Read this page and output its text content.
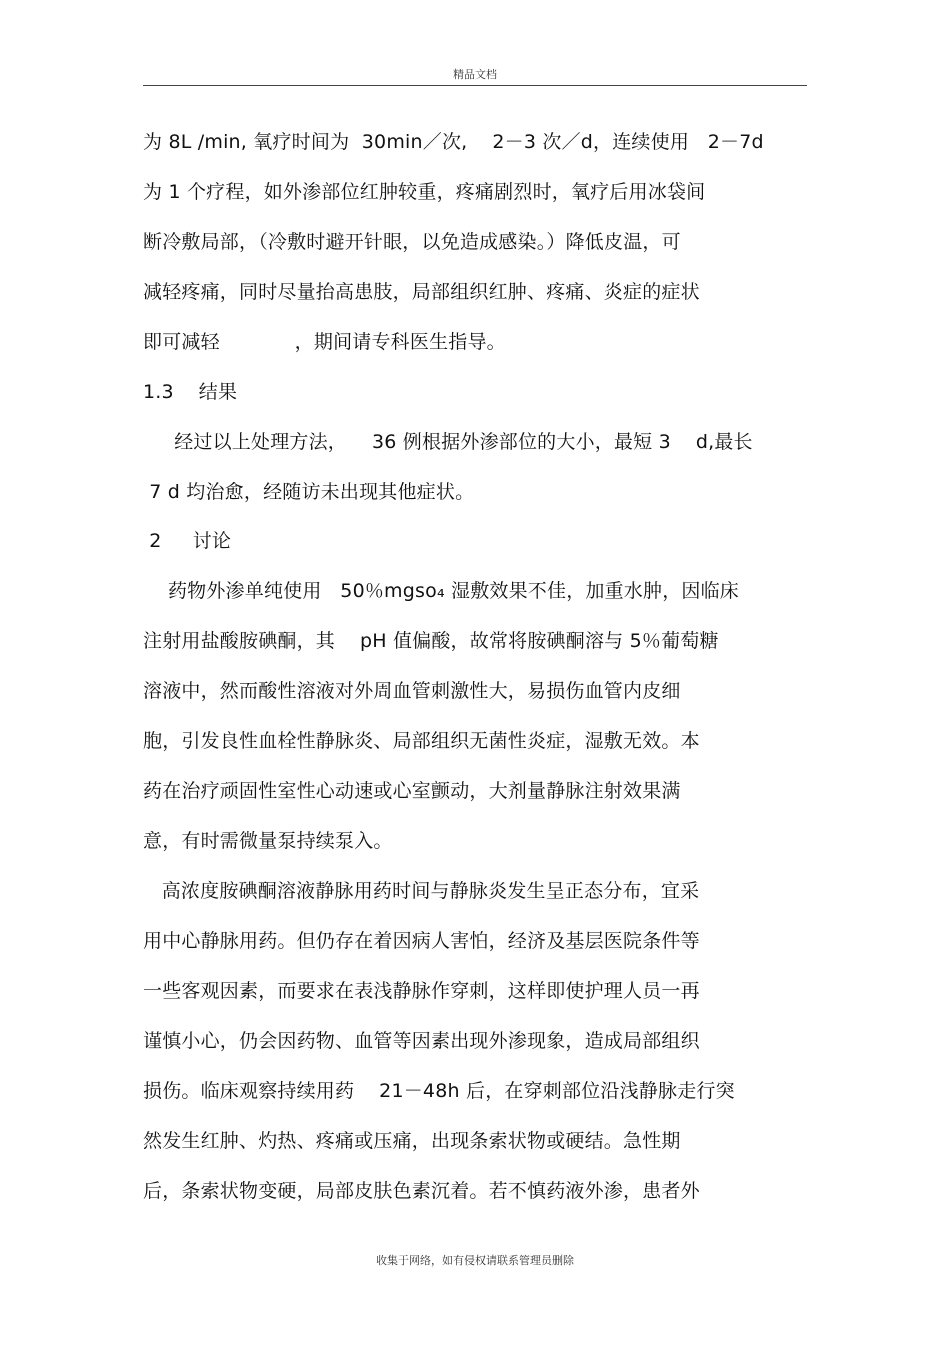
精品文档
为 8L /min, 氧疗时间为  30min／次,    2－3 次／d，连续使用   2－7d
为 1 个疗程，如外渗部位红肿较重，疼痛剧烈时，氧疗后用冰袋间
断冷敷局部，（冷敷时避开针眼，以免造成感染。）降低皮温，可
减轻疼痛，同时尽量抬高患肢，局部组织红肿、疼痛、炎症的症状
即可减轻            ，期间请专科医生指导。
1.3    结果
经过以上处理方法，    36 例根据外渗部位的大小，最短 3    d,最长
7 d 均治愈，经随访未出现其他症状。
2     讨论
药物外渗单纯使用   50％mgso₄ 湿敷效果不佳，加重水肿，因临床
注射用盐酸胺碘酮，其    pH 值偏酸，故常将胺碘酮溶与 5％葡萄糖
溶液中，然而酸性溶液对外周血管刺激性大，易损伤血管内皮细
胞，引发良性血栓性静脉炎、局部组织无菌性炎症，湿敷无效。本
药在治疗顽固性室性心动速或心室颤动，大剂量静脉注射效果满
意，有时需微量泵持续泵入。
高浓度胺碘酮溶液静脉用药时间与静脉炎发生呈正态分布，宜采
用中心静脉用药。但仍存在着因病人害怕，经济及基层医院条件等
一些客观因素，而要求在表浅静脉作穿刺，这样即使护理人员一再
谨慎小心，仍会因药物、血管等因素出现外渗现象，造成局部组织
损伤。临床观察持续用药    21－48h 后，在穿刺部位沿浅静脉走行突
然发生红肿、灼热、疼痛或压痛，出现条索状物或硬结。急性期
后，条索状物变硬，局部皮肤色素沉着。若不慎药液外渗，患者外
收集于网络，如有侵权请联系管理员删除
